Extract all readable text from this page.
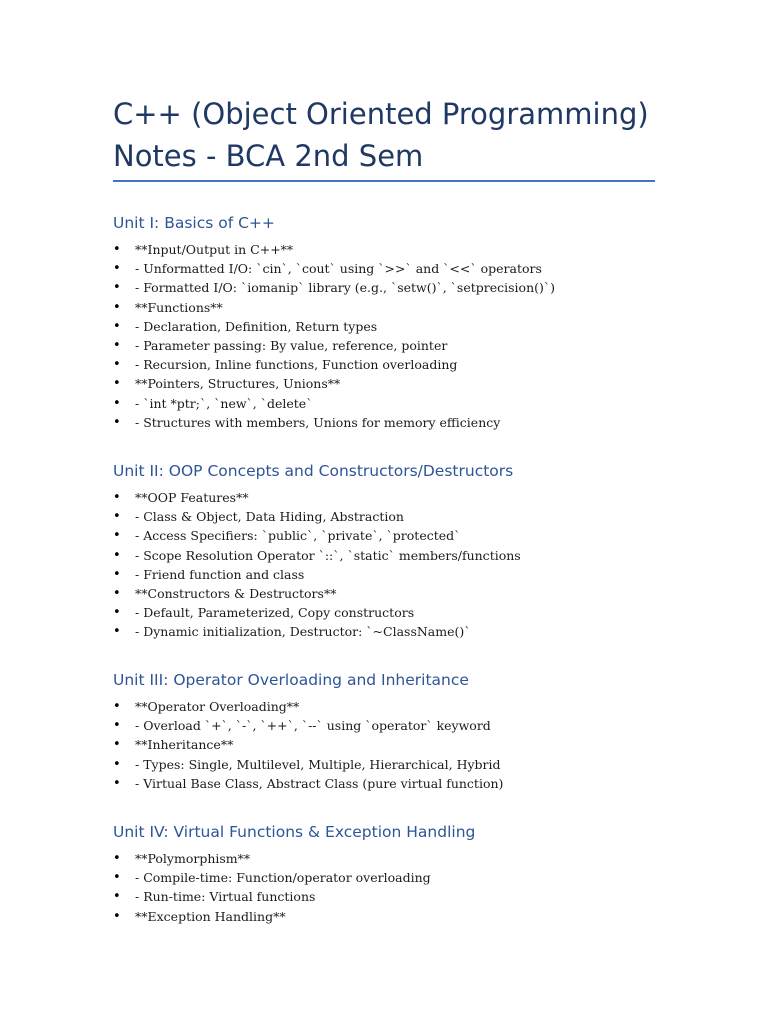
C++ (Object Oriented Programming) Notes - BCA 2nd Sem
Unit I: Basics of C++
• **Input/Output in C++**
• - Unformatted I/O: `cin`, `cout` using `>>` and `<<` operators
• - Formatted I/O: `iomanip` library (e.g., `setw()`, `setprecision()`)
• **Functions**
• - Declaration, Definition, Return types
• - Parameter passing: By value, reference, pointer
• - Recursion, Inline functions, Function overloading
• **Pointers, Structures, Unions**
• - `int *ptr;`, `new`, `delete`
• - Structures with members, Unions for memory efficiency
Unit II: OOP Concepts and Constructors/Destructors
• **OOP Features**
• - Class & Object, Data Hiding, Abstraction
• - Access Specifiers: `public`, `private`, `protected`
• - Scope Resolution Operator `::`, `static` members/functions
• - Friend function and class
• **Constructors & Destructors**
• - Default, Parameterized, Copy constructors
• - Dynamic initialization, Destructor: `~ClassName()`
Unit III: Operator Overloading and Inheritance
• **Operator Overloading**
• - Overload `+`, `-`, `++`, `--` using `operator` keyword
• **Inheritance**
• - Types: Single, Multilevel, Multiple, Hierarchical, Hybrid
• - Virtual Base Class, Abstract Class (pure virtual function)
Unit IV: Virtual Functions & Exception Handling
• **Polymorphism**
• - Compile-time: Function/operator overloading
• - Run-time: Virtual functions
• **Exception Handling**
